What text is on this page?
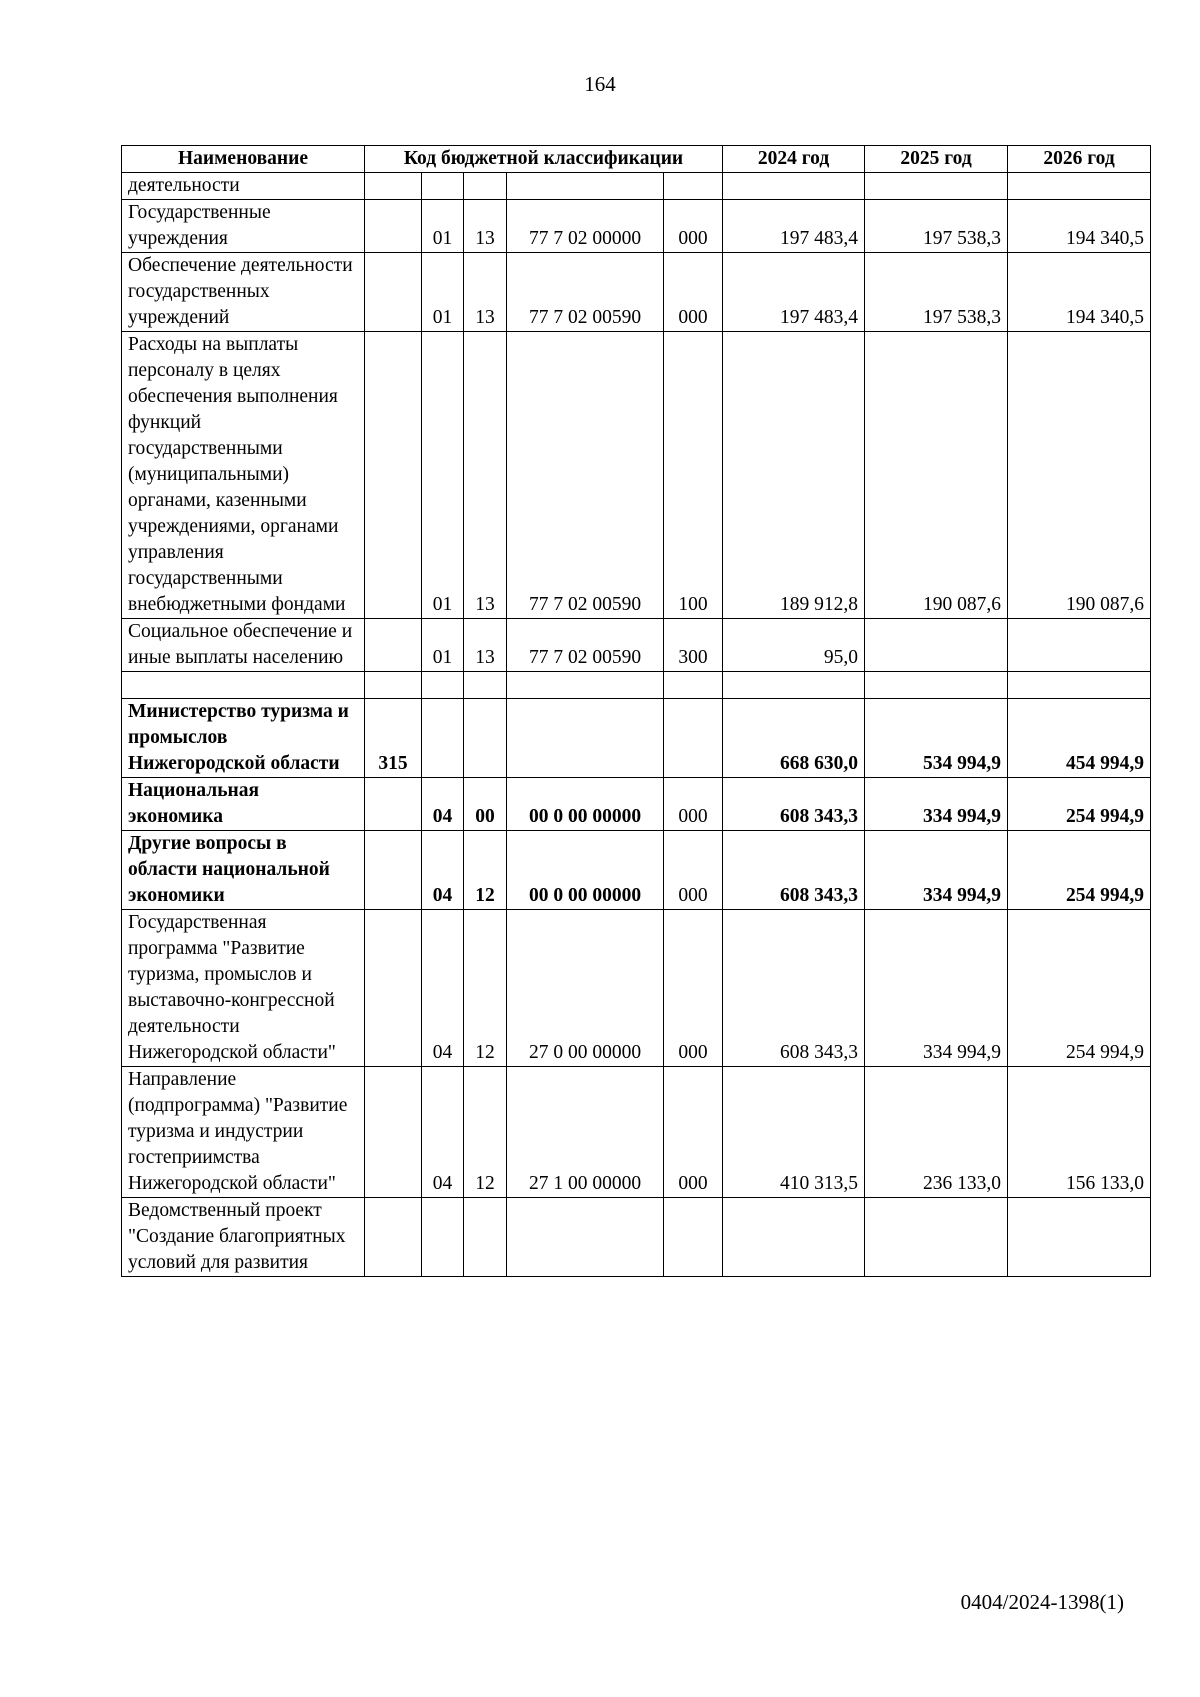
164
Наименование	Код бюджетной классификации					2024 год	2025 год	2026 год
деятельности								
Государственные учреждения		01	13	77 7 02 00000	000	197 483,4	197 538,3	194 340,5
Обеспечение деятельности государственных учреждений		01	13	77 7 02 00590	000	197 483,4	197 538,3	194 340,5
Расходы на выплаты персоналу в целях обеспечения выполнения функций государственными (муниципальными) органами, казенными учреждениями, органами управления государственными внебюджетными фондами		01	13	77 7 02 00590	100	189 912,8	190 087,6	190 087,6
Социальное обеспечение и иные выплаты населению		01	13	77 7 02 00590	300	95,0		

Министерство туризма и промыслов Нижегородской области	315					668 630,0	534 994,9	454 994,9
Национальная экономика		04	00	00 0 00 00000	000	608 343,3	334 994,9	254 994,9
Другие вопросы в области национальной экономики		04	12	00 0 00 00000	000	608 343,3	334 994,9	254 994,9
Государственная программа "Развитие туризма, промыслов и выставочно-конгрессной деятельности Нижегородской области"		04	12	27 0 00 00000	000	608 343,3	334 994,9	254 994,9
Направление (подпрограмма) "Развитие туризма и индустрии гостеприимства Нижегородской области"		04	12	27 1 00 00000	000	410 313,5	236 133,0	156 133,0
Ведомственный проект "Создание благоприятных условий для развития								
0404/2024-1398(1)
